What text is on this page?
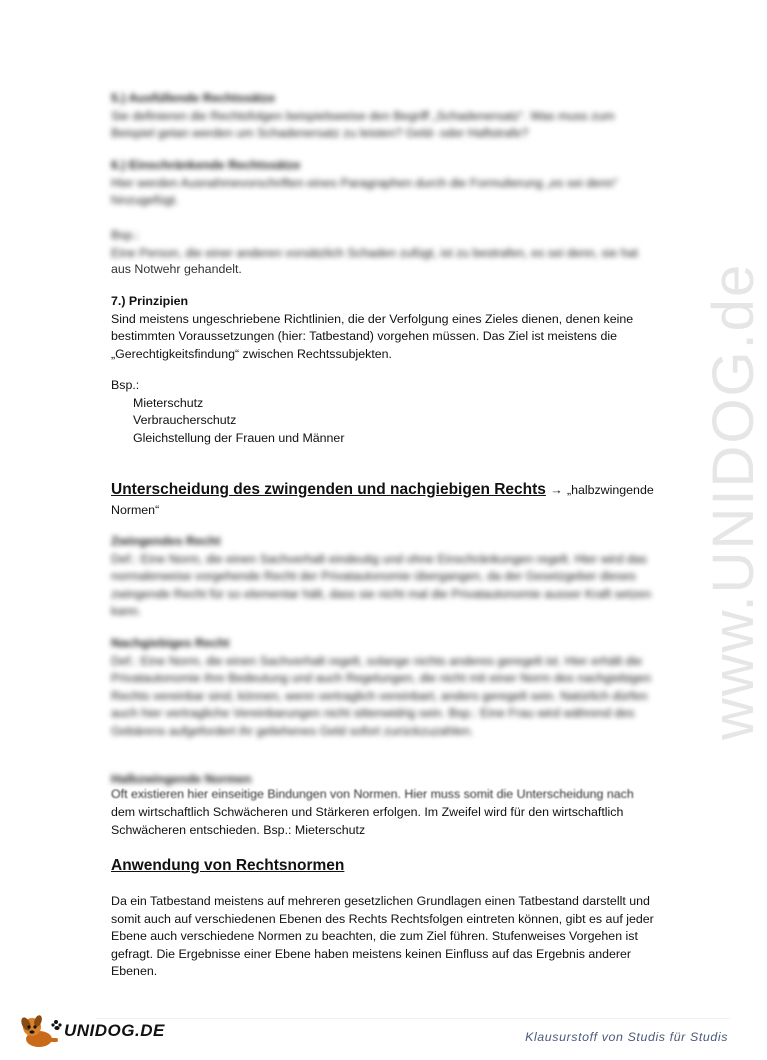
www.UNIDOG.de
5.) Ausfüllende Rechtssätze
Sie definieren die Rechtsfolgen beispielsweise den Begriff „Schadenersatz“. Was muss zum Beispiel getan werden um Schadenersatz zu leisten? Geld- oder Haftstrafe?
6.) Einschränkende Rechtssätze
Hier werden Ausnahmevorschriften eines Paragraphen durch die Formulierung „es sei denn“ hinzugefügt.
Bsp.:
Eine Person, die einer anderen vorsätzlich Schaden zufügt, ist zu bestrafen, es sei denn, sie hat
aus Notwehr gehandelt.
7.) Prinzipien
Sind meistens ungeschriebene Richtlinien, die der Verfolgung eines Zieles dienen, denen keine bestimmten Voraussetzungen (hier: Tatbestand) vorgehen müssen. Das Ziel ist meistens die „Gerechtigkeitsfindung“ zwischen Rechtssubjekten.
Bsp.:
Mieterschutz
Verbraucherschutz
Gleichstellung der Frauen und Männer
Unterscheidung des zwingenden und nachgiebigen Rechts → „halbzwingende Normen“
Zwingendes Recht
Def.: Eine Norm, die einen Sachverhalt eindeutig und ohne Einschränkungen regelt. Hier wird das normalerweise vorgehende Recht der Privatautonomie übergangen, da der Gesetzgeber dieses zwingende Recht für so elementar hält, dass sie nicht mal die Privatautonomie ausser Kraft setzen kann.
Nachgiebiges Recht
Def.: Eine Norm, die einen Sachverhalt regelt, solange nichts anderes geregelt ist. Hier erhält die Privatautonomie ihre Bedeutung und auch Regelungen, die nicht mit einer Norm des nachgiebigen Rechts vereinbar sind, können, wenn vertraglich vereinbart, anders geregelt sein. Natürlich dürfen auch hier vertragliche Vereinbarungen nicht sittenwidrig sein. Bsp.: Eine Frau wird während des Gebärens aufgefordert ihr geliehenes Geld sofort zurückzuzahlen.
Halbzwingende Normen
Oft existieren hier einseitige Bindungen von Normen. Hier muss somit die Unterscheidung nach
dem wirtschaftlich Schwächeren und Stärkeren erfolgen. Im Zweifel wird für den wirtschaftlich Schwächeren entschieden. Bsp.: Mieterschutz
Anwendung von Rechtsnormen
Da ein Tatbestand meistens auf mehreren gesetzlichen Grundlagen einen Tatbestand darstellt und somit auch auf verschiedenen Ebenen des Rechts Rechtsfolgen eintreten können, gibt es auf jeder Ebene auch verschiedene Normen zu beachten, die zum Ziel führen. Stufenweises Vorgehen ist gefragt. Die Ergebnisse einer Ebene haben meistens keinen Einfluss auf das Ergebnis anderer Ebenen.
UNIDOG.DE	Klausurstoff von Studis für Studis
